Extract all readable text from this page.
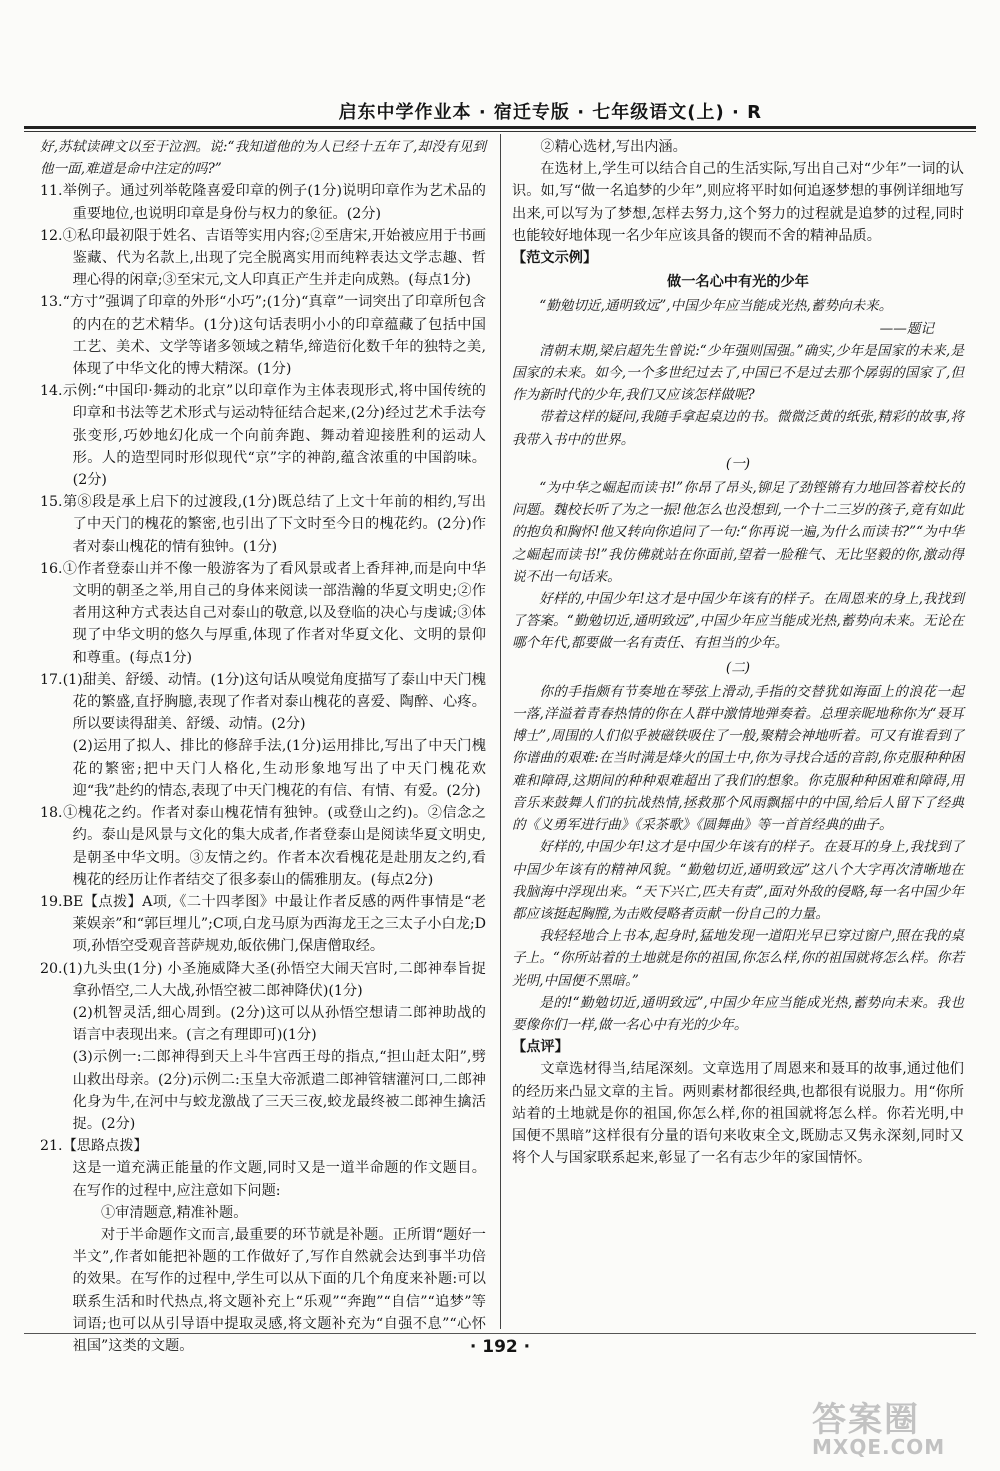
启东中学作业本 · 宿迁专版 · 七年级语文(上) · R

好,苏轼读碑文以至于泣泗。说:“我知道他的为人已经十五年了,却没有见到他一面,难道是命中注定的吗?”

11.举例子。通过列举乾隆喜爱印章的例子(1分)说明印章作为艺术品的重要地位,也说明印章是身份与权力的象征。(2分)

12.①私印最初限于姓名、吉语等实用内容;②至唐宋,开始被应用于书画鉴藏、代为名款上,出现了完全脱离实用而纯粹表达文学志趣、哲理心得的闲章;③至宋元,文人印真正产生并走向成熟。(每点1分)

13.“方寸”强调了印章的外形“小巧”;(1分)“真章”一词突出了印章所包含的内在的艺术精华。(1分)这句话表明小小的印章蕴藏了包括中国工艺、美术、文学等诸多领域之精华,缔造衍化数千年的独特之美,体现了中华文化的博大精深。(1分)

14.示例:“中国印·舞动的北京”以印章作为主体表现形式,将中国传统的印章和书法等艺术形式与运动特征结合起来,(2分)经过艺术手法夸张变形,巧妙地幻化成一个向前奔跑、舞动着迎接胜利的运动人形。人的造型同时形似现代“京”字的神韵,蕴含浓重的中国韵味。(2分)

15.第⑧段是承上启下的过渡段,(1分)既总结了上文十年前的相约,写出了中天门的槐花的繁密,也引出了下文时至今日的槐花约。(2分)作者对泰山槐花的情有独钟。(1分)

16.①作者登泰山并不像一般游客为了看风景或者上香拜神,而是向中华文明的朝圣之举,用自己的身体来阅读一部浩瀚的华夏文明史;②作者用这种方式表达自己对泰山的敬意,以及登临的决心与虔诚;③体现了中华文明的悠久与厚重,体现了作者对华夏文化、文明的景仰和尊重。(每点1分)

17.(1)甜美、舒缓、动情。(1分)这句话从嗅觉角度描写了泰山中天门槐花的繁盛,直抒胸臆,表现了作者对泰山槐花的喜爱、陶醉、心疼。所以要读得甜美、舒缓、动情。(2分)

(2)运用了拟人、排比的修辞手法,(1分)运用排比,写出了中天门槐花的繁密;把中天门人格化,生动形象地写出了中天门槐花欢迎“我”赴约的情态,表现了中天门槐花的有信、有情、有爱。(2分)

18.①槐花之约。作者对泰山槐花情有独钟。(或登山之约)。②信念之约。泰山是风景与文化的集大成者,作者登泰山是阅读华夏文明史,是朝圣中华文明。③友情之约。作者本次看槐花是赴朋友之约,看槐花的经历让作者结交了很多泰山的儒雅朋友。(每点2分)

19.BE【点拨】A项,《二十四孝图》中最让作者反感的两件事情是“老莱娱亲”和“郭巨埋儿”;C项,白龙马原为西海龙王之三太子小白龙;D项,孙悟空受观音菩萨规劝,皈依佛门,保唐僧取经。

20.(1)九头虫(1分) 小圣施威降大圣(孙悟空大闹天宫时,二郎神奉旨捉拿孙悟空,二人大战,孙悟空被二郎神降伏)(1分)

(2)机智灵活,细心周到。(2分)这可以从孙悟空想请二郎神助战的语言中表现出来。(言之有理即可)(1分)

(3)示例一:二郎神得到天上斗牛宫西王母的指点,“担山赶太阳”,劈山救出母亲。(2分)示例二:玉皇大帝派遣二郎神管辖灌河口,二郎神化身为牛,在河中与蛟龙激战了三天三夜,蛟龙最终被二郎神生擒活捉。(2分)

21.【思路点拨】

这是一道充满正能量的作文题,同时又是一道半命题的作文题目。在写作的过程中,应注意如下问题:

①审清题意,精准补题。

对于半命题作文而言,最重要的环节就是补题。正所谓“题好一半文”,作者如能把补题的工作做好了,写作自然就会达到事半功倍的效果。在写作的过程中,学生可以从下面的几个角度来补题:可以联系生活和时代热点,将文题补充上“乐观”“奔跑”“自信”“追梦”等词语;也可以从引导语中提取灵感,将文题补充为“自强不息”“心怀祖国”这类的文题。

②精心选材,写出内涵。

在选材上,学生可以结合自己的生活实际,写出自己对“少年”一词的认识。如,写“做一名追梦的少年”,则应将平时如何追逐梦想的事例详细地写出来,可以写为了梦想,怎样去努力,这个努力的过程就是追梦的过程,同时也能较好地体现一名少年应该具备的锲而不舍的精神品质。

【范文示例】

做一名心中有光的少年

“勤勉切近,通明致远”,中国少年应当能成光热,蓄势向未来。

——题记

清朝末期,梁启超先生曾说:“少年强则国强。”确实,少年是国家的未来,是国家的未来。如今,一个多世纪过去了,中国已不是过去那个孱弱的国家了,但作为新时代的少年,我们又应该怎样做呢?

带着这样的疑问,我随手拿起桌边的书。微微泛黄的纸张,精彩的故事,将我带入书中的世界。

(一)

“为中华之崛起而读书!”你昂了昂头,铆足了劲铿锵有力地回答着校长的问题。魏校长听了为之一振!他怎么也没想到,一个十二三岁的孩子,竟有如此的抱负和胸怀!他又转向你追问了一句:“你再说一遍,为什么而读书?”“为中华之崛起而读书!”我仿佛就站在你面前,望着一脸稚气、无比坚毅的你,激动得说不出一句话来。

好样的,中国少年!这才是中国少年该有的样子。在周恩来的身上,我找到了答案。“勤勉切近,通明致远”,中国少年应当能成光热,蓄势向未来。无论在哪个年代,都要做一名有责任、有担当的少年。

(二)

你的手指颇有节奏地在琴弦上滑动,手指的交替犹如海面上的浪花一起一落,洋溢着青春热情的你在人群中激情地弹奏着。总理亲昵地称你为“聂耳博士”,周围的人们似乎被磁铁吸住了一般,聚精会神地听着。可又有谁看到了你谱曲的艰难:在当时满是烽火的国土中,你为寻找合适的音韵,你克服种种困难和障碍,这期间的种种艰难超出了我们的想象。你克服种种困难和障碍,用音乐来鼓舞人们的抗战热情,拯救那个风雨飘摇中的中国,给后人留下了经典的《义勇军进行曲》《采茶歌》《圆舞曲》等一首首经典的曲子。

好样的,中国少年!这才是中国少年该有的样子。在聂耳的身上,我找到了中国少年该有的精神风貌。“勤勉切近,通明致远”这八个大字再次清晰地在我脑海中浮现出来。“天下兴亡,匹夫有责”,面对外敌的侵略,每一名中国少年都应该挺起胸膛,为击败侵略者贡献一份自己的力量。

我轻轻地合上书本,起身时,猛地发现一道阳光早已穿过窗户,照在我的桌子上。“你所站着的土地就是你的祖国,你怎么样,你的祖国就将怎么样。你若光明,中国便不黑暗。”

是的!“勤勉切近,通明致远”,中国少年应当能成光热,蓄势向未来。我也要像你们一样,做一名心中有光的少年。

【点评】

文章选材得当,结尾深刻。文章选用了周恩来和聂耳的故事,通过他们的经历来凸显文章的主旨。两则素材都很经典,也都很有说服力。用“你所站着的土地就是你的祖国,你怎么样,你的祖国就将怎么样。你若光明,中国便不黑暗”这样很有分量的语句来收束全文,既励志又隽永深刻,同时又将个人与国家联系起来,彰显了一名有志少年的家国情怀。

· 192 ·
答案圈
MXQE.COM
